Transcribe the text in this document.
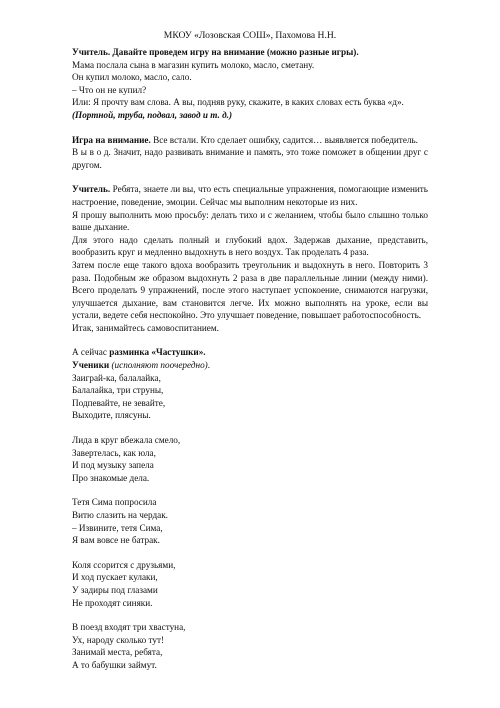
МКОУ «Лозовская СОШ», Пахомова Н.Н.

Учитель. Давайте проведем игру на внимание (можно разные игры).

Мама послала сына в магазин купить молоко, масло, сметану.

Он купил молоко, масло, сало.

– Что он не купил?

Или: Я прочту вам слова. А вы, подняв руку, скажите, в каких словах есть буква «д».

(Портной, труба, подвал, завод и т. д.)

Игра на внимание. Все встали. Кто сделает ошибку, садится… выявляется победитель.

В ы в о д. Значит, надо развивать внимание и память, это тоже поможет в общении друг с другом.

Учитель. Ребята, знаете ли вы, что есть специальные упражнения, помогающие изменить настроение, поведение, эмоции. Сейчас мы выполним некоторые из них.

Я прошу выполнить мою просьбу: делать тихо и с желанием, чтобы было слышно только ваше дыхание.

Для этого надо сделать полный и глубокий вдох. Задержав дыхание, представить, вообразить круг и медленно выдохнуть в него воздух. Так проделать 4 раза.

Затем после еще такого вдоха вообразить треугольник и выдохнуть в него. Повторить 3 раза. Подобным же образом выдохнуть 2 раза в две параллельные линии (между ними). Всего проделать 9 упражнений, после этого наступает успокоение, снимаются нагрузки, улучшается дыхание, вам становится легче. Их можно выполнять на уроке, если вы устали, ведете себя неспокойно. Это улучшает поведение, повышает работоспособность.

Итак, занимайтесь самовоспитанием.

А сейчас разминка «Частушки».

Ученики (исполняют поочередно).

Заиграй-ка, балалайка,

Балалайка, три струны,

Подпевайте, не зевайте,

Выходите, плясуны.

Лида в круг вбежала смело,

Завертелась, как юла,

И под музыку запела

Про знакомые дела.

Тетя Сима попросила

Витю слазить на чердак.

– Извините, тетя Сима,

Я вам вовсе не батрак.

Коля ссорится с друзьями,

И ход пускает кулаки,

У задиры под глазами

Не проходят синяки.

В поезд входят три хвастуна,

Ух, народу сколько тут!

Занимай места, ребята,

А то бабушки займут.
